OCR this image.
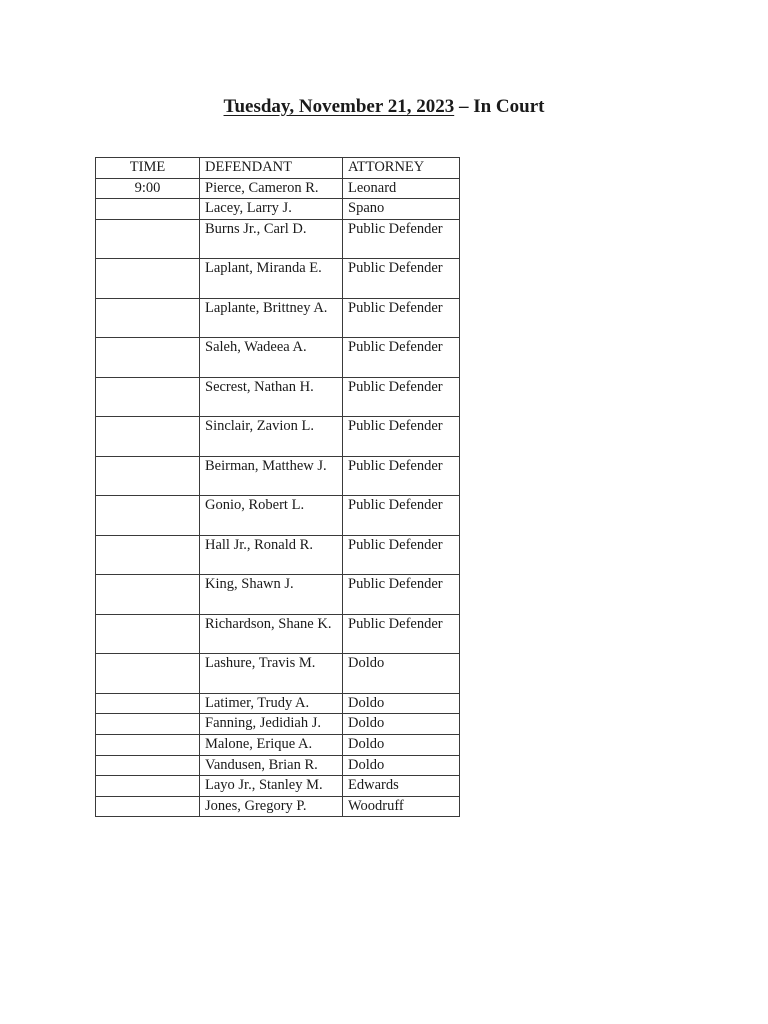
Tuesday, November 21, 2023 – In Court
TIME	DEFENDANT	ATTORNEY
9:00	Pierce, Cameron R.	Leonard
	Lacey, Larry J.	Spano
	Burns Jr., Carl D.	Public Defender
	Laplant, Miranda E.	Public Defender
	Laplante, Brittney A.	Public Defender
	Saleh, Wadeea A.	Public Defender
	Secrest, Nathan H.	Public Defender
	Sinclair, Zavion L.	Public Defender
	Beirman, Matthew J.	Public Defender
	Gonio, Robert L.	Public Defender
	Hall Jr., Ronald R.	Public Defender
	King, Shawn J.	Public Defender
	Richardson, Shane K.	Public Defender
	Lashure, Travis M.	Doldo
	Latimer, Trudy A.	Doldo
	Fanning, Jedidiah J.	Doldo
	Malone, Erique A.	Doldo
	Vandusen, Brian R.	Doldo
	Layo Jr., Stanley M.	Edwards
	Jones, Gregory P.	Woodruff
